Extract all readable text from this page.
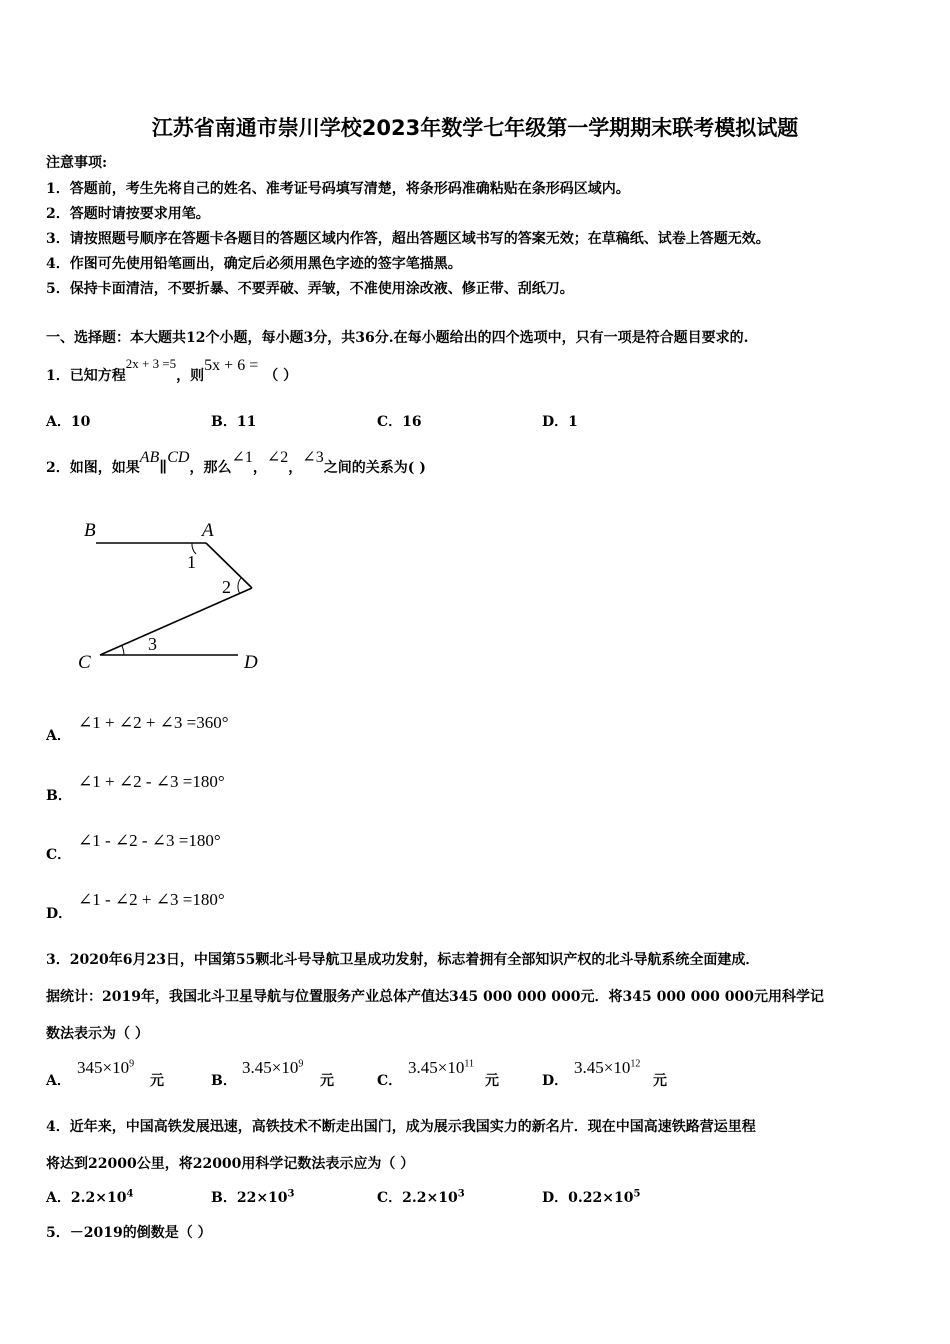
江苏省南通市崇川学校2023年数学七年级第一学期期末联考模拟试题
注意事项:
1．答题前，考生先将自己的姓名、准考证号码填写清楚，将条形码准确粘贴在条形码区域内。
2．答题时请按要求用笔。
3．请按照题号顺序在答题卡各题目的答题区域内作答，超出答题区域书写的答案无效；在草稿纸、试卷上答题无效。
4．作图可先使用铅笔画出，确定后必须用黑色字迹的签字笔描黑。
5．保持卡面清洁，不要折暴、不要弄破、弄皱，不准使用涂改液、修正带、刮纸刀。
一、选择题：本大题共12个小题，每小题3分，共36分.在每小题给出的四个选项中，只有一项是符合题目要求的.
1．已知方程2x + 3 =5，则5x + 6 =（ ）
A．10	B．11	C．16	D．1
2．如图，如果AB∥CD，那么∠1，∠2，∠3之间的关系为( )
B	A
1
2
3
C	D
A．
∠1 + ∠2 + ∠3 =360°
B．
∠1 + ∠2 - ∠3 =180°
C．
∠1 - ∠2 - ∠3 =180°
D．
∠1 - ∠2 + ∠3 =180°
3．2020年6月23日，中国第55颗北斗号导航卫星成功发射，标志着拥有全部知识产权的北斗导航系统全面建成．
据统计：2019年，我国北斗卫星导航与位置服务产业总体产值达345 000 000 000元．将345 000 000 000元用科学记
数法表示为（ ）
A．
$345\times 10^9$
元	B．
$3.45\times 10^9$
元	C．
$3.45\times 10^{11}$
元	D．
$3.45\times 10^{12}$
元
4．近年来，中国高铁发展迅速，高铁技术不断走出国门，成为展示我国实力的新名片．现在中国高速铁路营运里程
将达到22000公里，将22000用科学记数法表示应为（ ）
A．$2.2\times 10^4$	B．$22\times 10^3$	C．$2.2\times 10^3$	D．$0.22\times 10^5$
5．－2019的倒数是（ ）
